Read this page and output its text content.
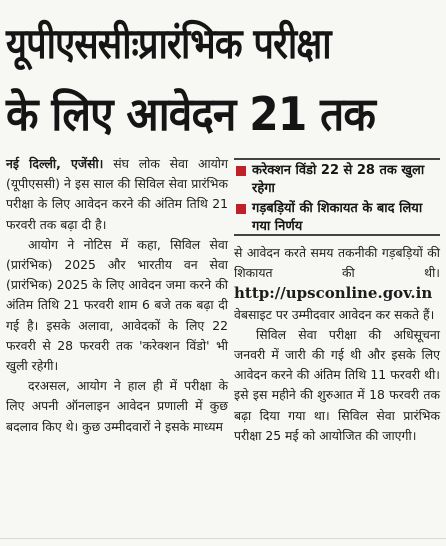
यूपीएससीःप्रारंभिक परीक्षा
के लिए आवेदन 21 तक

नई दिल्ली, एजेंसी। संघ लोक सेवा आयोग (यूपीएससी) ने इस साल की सिविल सेवा प्रारंभिक परीक्षा के लिए आवेदन करने की अंतिम तिथि 21 फरवरी तक बढ़ा दी है।

आयोग ने नोटिस में कहा, सिविल सेवा (प्रारंभिक) 2025 और भारतीय वन सेवा (प्रारंभिक) 2025 के लिए आवेदन जमा करने की अंतिम तिथि 21 फरवरी शाम 6 बजे तक बढ़ा दी गई है। इसके अलावा, आवेदकों के लिए 22 फरवरी से 28 फरवरी तक 'करेक्शन विंडो' भी खुली रहेगी।

दरअसल, आयोग ने हाल ही में परीक्षा के लिए अपनी ऑनलाइन आवेदन प्रणाली में कुछ बदलाव किए थे। कुछ उम्मीदवारों ने इसके माध्यम

करेक्शन विंडो 22 से 28 तक खुला रहेगा
गड़बड़ियों की शिकायत के बाद लिया गया निर्णय

से आवेदन करते समय तकनीकी गड़बड़ियों की शिकायत की थी। http://upsconline.gov.in वेबसाइट पर उम्मीदवार आवेदन कर सकते हैं।

सिविल सेवा परीक्षा की अधिसूचना जनवरी में जारी की गई थी और इसके लिए आवेदन करने की अंतिम तिथि 11 फरवरी थी। इसे इस महीने की शुरुआत में 18 फरवरी तक बढ़ा दिया गया था। सिविल सेवा प्रारंभिक परीक्षा 25 मई को आयोजित की जाएगी।
